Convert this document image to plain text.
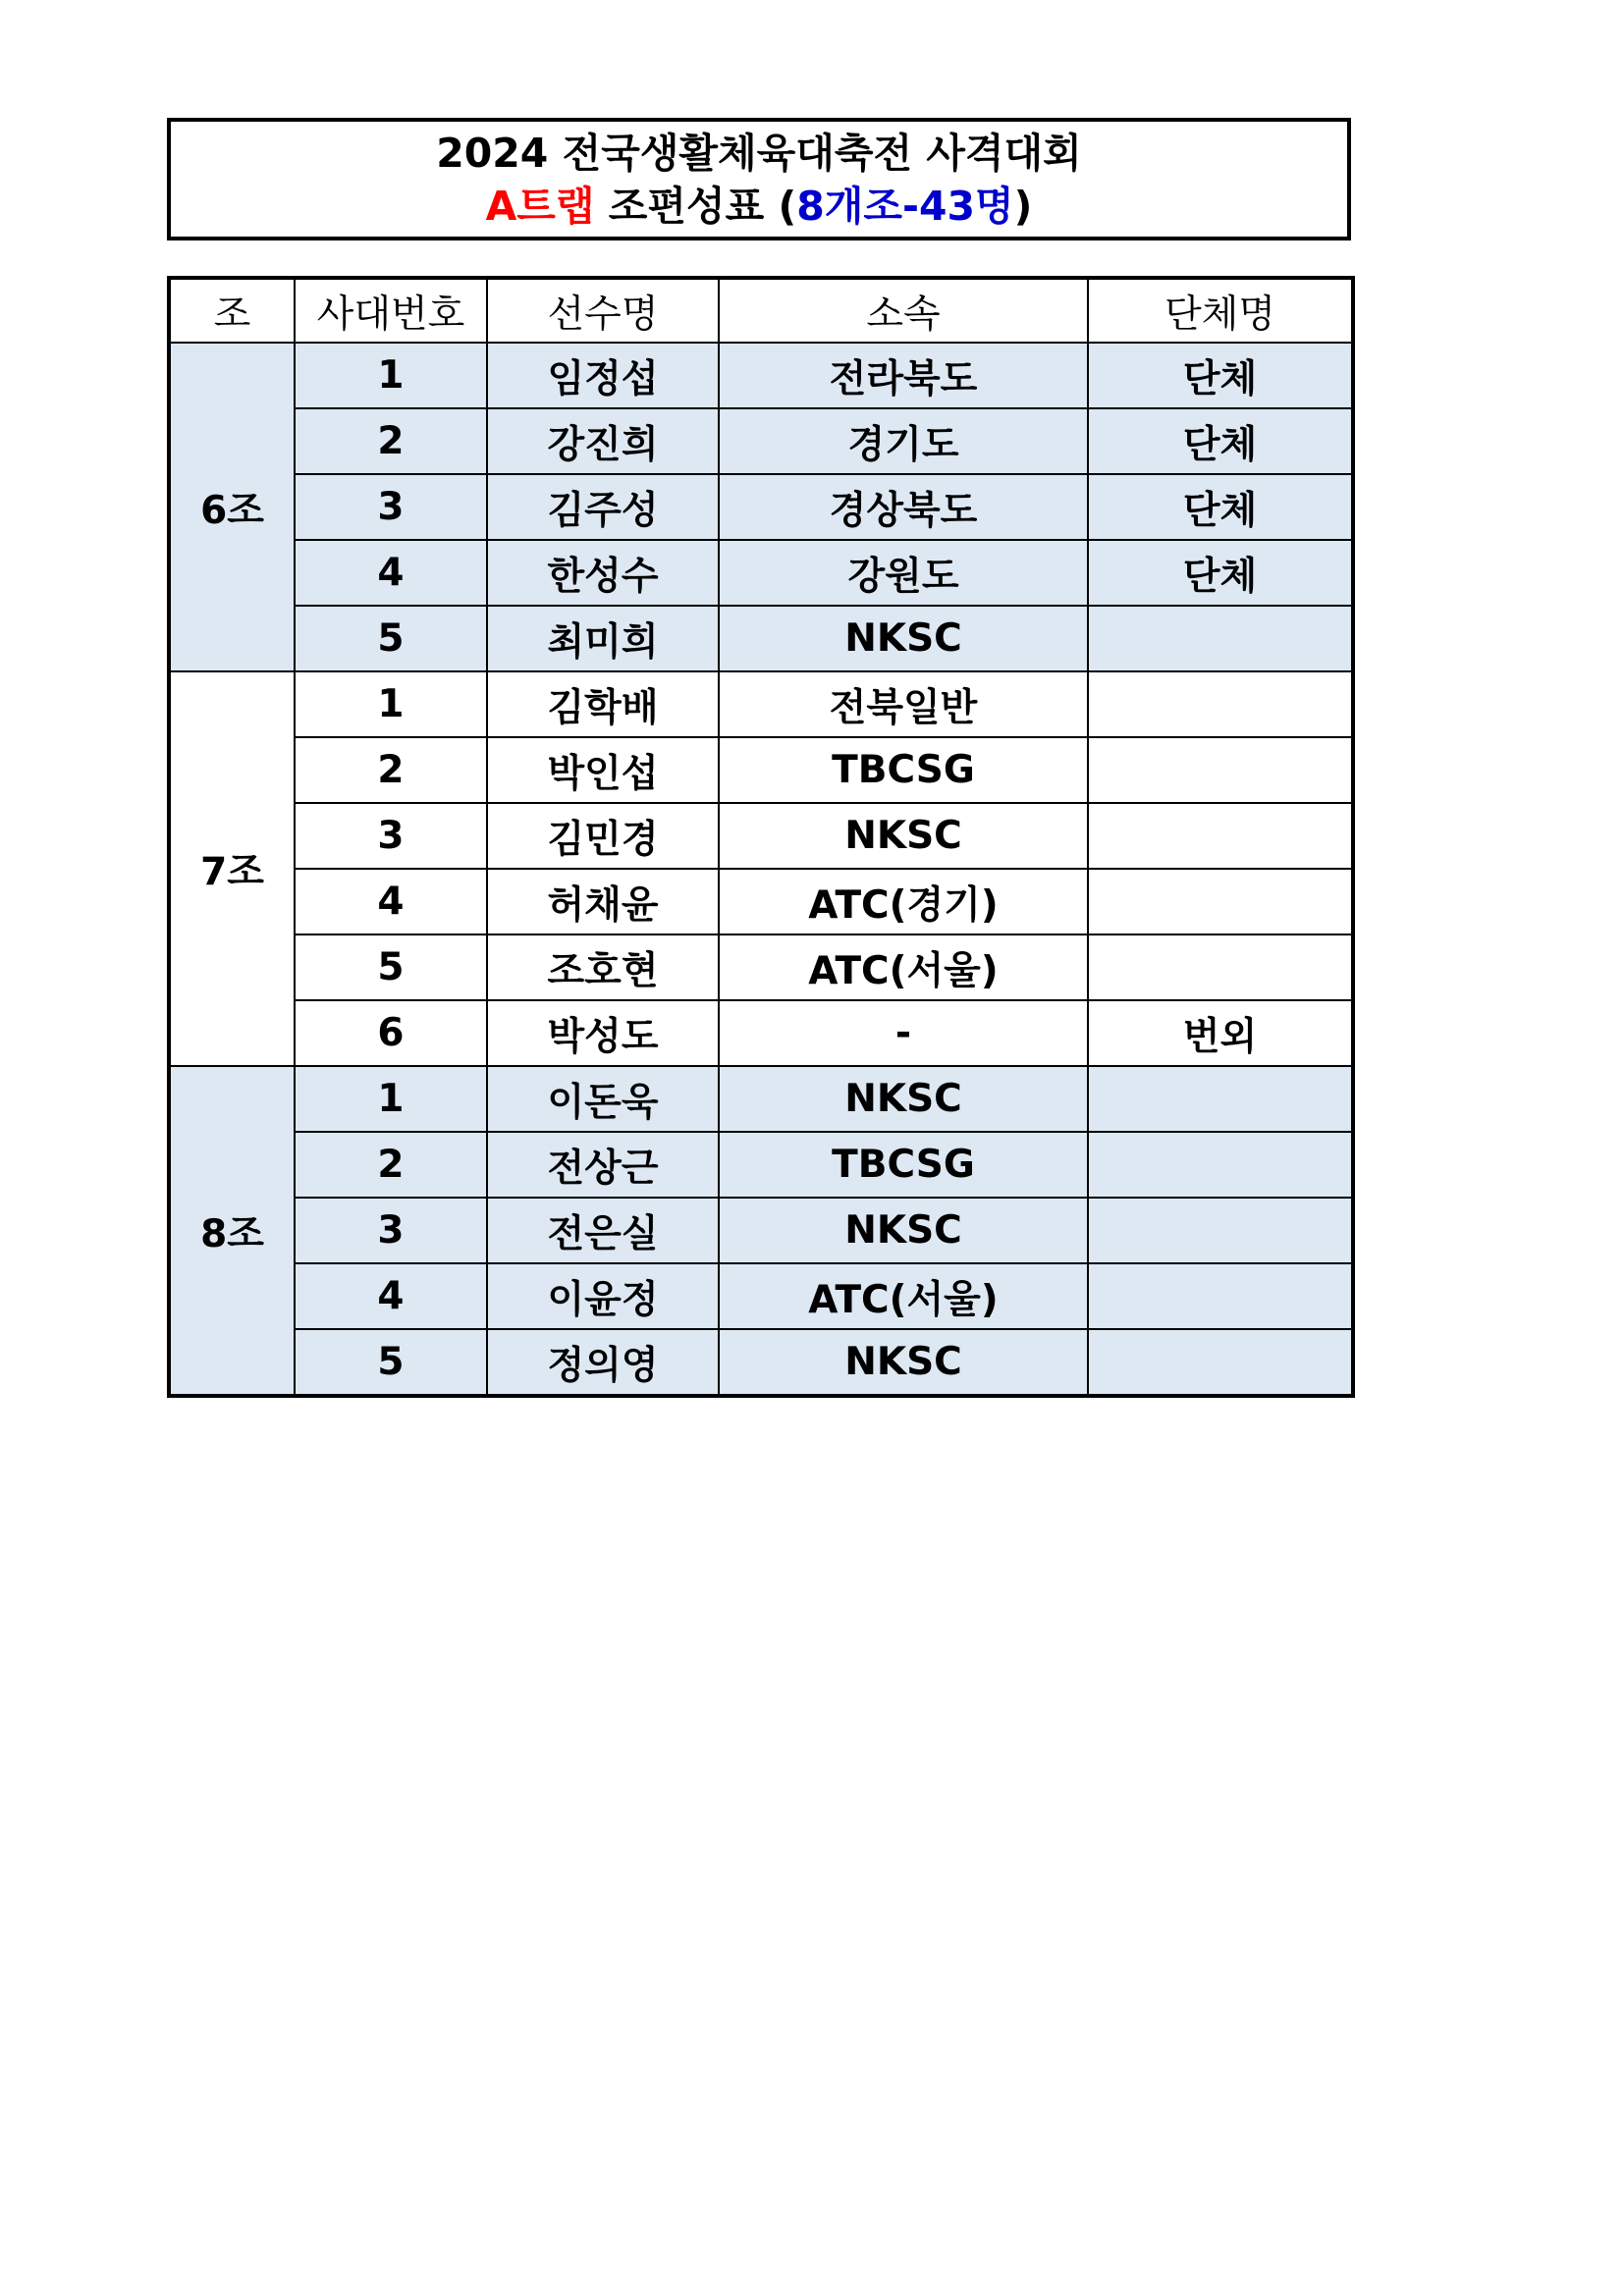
2024 전국생활체육대축전 사격대회
A트랩 조편성표 (8개조-43명)
조	사대번호	선수명	소속	단체명
6조	1	임정섭	전라북도	단체
	2	강진희	경기도	단체
	3	김주성	경상북도	단체
	4	한성수	강원도	단체
	5	최미희	NKSC	
7조	1	김학배	전북일반	
	2	박인섭	TBCSG	
	3	김민경	NKSC	
	4	허채윤	ATC(경기)	
	5	조호현	ATC(서울)	
	6	박성도	-	번외
8조	1	이돈욱	NKSC	
	2	전상근	TBCSG	
	3	전은실	NKSC	
	4	이윤정	ATC(서울)	
	5	정의영	NKSC	
